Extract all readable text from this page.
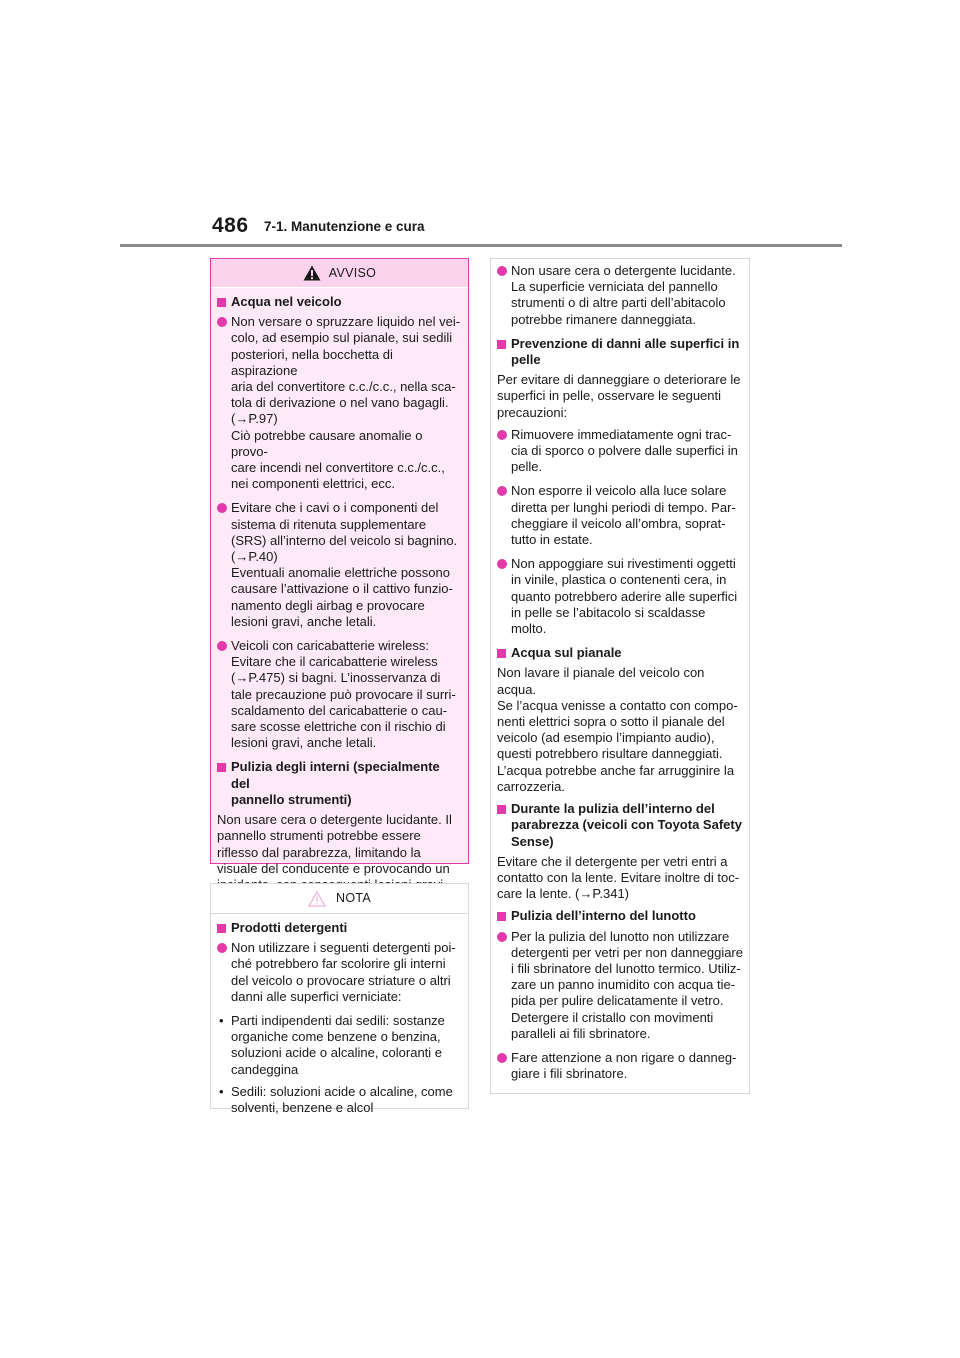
486 7-1. Manutenzione e cura
AVVISO
Acqua nel veicolo
Non versare o spruzzare liquido nel vei-
colo, ad esempio sul pianale, sui sedili
posteriori, nella bocchetta di aspirazione
aria del convertitore c.c./c.c., nella sca-
tola di derivazione o nel vano bagagli.
(→P.97)
Ciò potrebbe causare anomalie o provo-
care incendi nel convertitore c.c./c.c.,
nei componenti elettrici, ecc.
Evitare che i cavi o i componenti del
sistema di ritenuta supplementare
(SRS) all’interno del veicolo si bagnino.
(→P.40)
Eventuali anomalie elettriche possono
causare l’attivazione o il cattivo funzio-
namento degli airbag e provocare
lesioni gravi, anche letali.
Veicoli con caricabatterie wireless:
Evitare che il caricabatterie wireless
(→P.475) si bagni. L’inosservanza di
tale precauzione può provocare il surri-
scaldamento del caricabatterie o cau-
sare scosse elettriche con il rischio di
lesioni gravi, anche letali.
Pulizia degli interni (specialmente del
pannello strumenti)
Non usare cera o detergente lucidante. Il
pannello strumenti potrebbe essere
riflesso dal parabrezza, limitando la
visuale del conducente e provocando un

NOTA
Prodotti detergenti
Non utilizzare i seguenti detergenti poi-
ché potrebbero far scolorire gli interni
del veicolo o provocare striature o altri
danni alle superfici verniciate:
• Parti indipendenti dai sedili: sostanze
organiche come benzene o benzina,
soluzioni acide o alcaline, coloranti e
candeggina
• Sedili: soluzioni acide o alcaline, come
solventi, benzene e alcol
Non usare cera o detergente lucidante.
La superficie verniciata del pannello
strumenti o di altre parti dell’abitacolo
potrebbe rimanere danneggiata.
Prevenzione di danni alle superfici in
pelle
Per evitare di danneggiare o deteriorare le
superfici in pelle, osservare le seguenti
precauzioni:
Rimuovere immediatamente ogni trac-
cia di sporco o polvere dalle superfici in
pelle.
Non esporre il veicolo alla luce solare
diretta per lunghi periodi di tempo. Par-
cheggiare il veicolo all’ombra, soprat-
tutto in estate.
Non appoggiare sui rivestimenti oggetti
in vinile, plastica o contenenti cera, in
quanto potrebbero aderire alle superfici
in pelle se l’abitacolo si scaldasse
molto.
Acqua sul pianale
Non lavare il pianale del veicolo con
acqua.
Se l’acqua venisse a contatto con compo-
nenti elettrici sopra o sotto il pianale del
veicolo (ad esempio l’impianto audio),
questi potrebbero risultare danneggiati.
L’acqua potrebbe anche far arrugginire la
carrozzeria.
Durante la pulizia dell’interno del
parabrezza (veicoli con Toyota Safety
Sense)
Evitare che il detergente per vetri entri a
contatto con la lente. Evitare inoltre di toc-
care la lente. (→P.341)
Pulizia dell’interno del lunotto
Per la pulizia del lunotto non utilizzare
detergenti per vetri per non danneggiare
i fili sbrinatore del lunotto termico. Utiliz-
zare un panno inumidito con acqua tie-
pida per pulire delicatamente il vetro.
Detergere il cristallo con movimenti
paralleli ai fili sbrinatore.
Fare attenzione a non rigare o danneg-
giare i fili sbrinatore.
